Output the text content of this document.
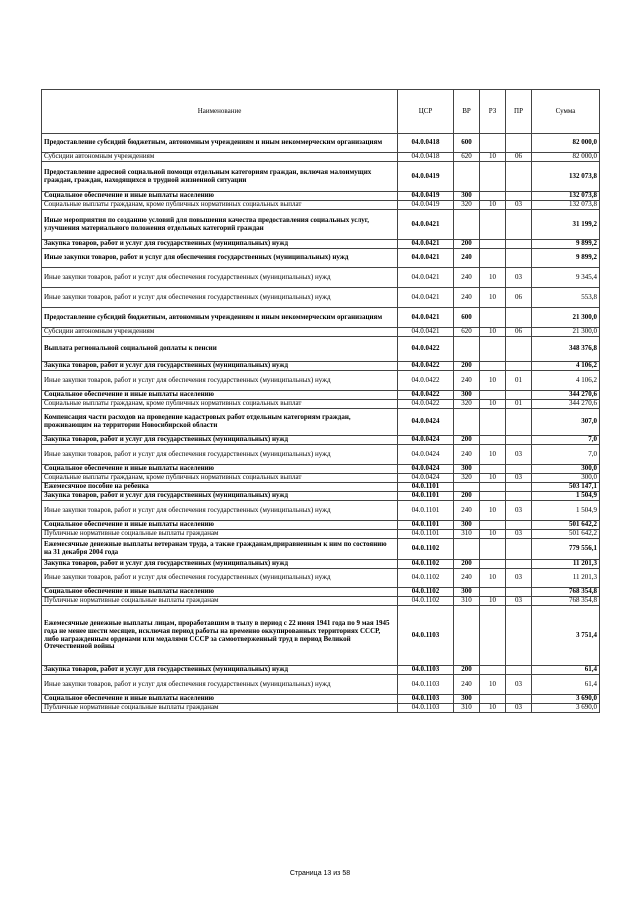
Наименование	ЦСР	ВР	РЗ	ПР	Сумма
Предоставление субсидий бюджетным, автономным учреждениям и иным некоммерческим организациям	04.0.0418	600			82 000,0
Субсидии автономным учреждениям	04.0.0418	620	10	06	82 000,0
Предоставление адресной социальной помощи отдельным категориям граждан, включая малоимущих граждан, граждан, находящихся в трудной жизненной ситуации	04.0.0419				132 073,8
Социальное обеспечение и иные выплаты населению	04.0.0419	300			132 073,8
Социальные выплаты гражданам, кроме публичных нормативных социальных выплат	04.0.0419	320	10	03	132 073,8
Иные мероприятия по созданию условий для повышения качества предоставления социальных услуг, улучшения материального положения отдельных категорий граждан	04.0.0421				31 199,2
Закупка товаров, работ и услуг для государственных (муниципальных) нужд	04.0.0421	200			9 899,2
Иные закупки товаров, работ и услуг для обеспечения государственных (муниципальных) нужд	04.0.0421	240			9 899,2
Иные закупки товаров, работ и услуг для обеспечения государственных (муниципальных) нужд	04.0.0421	240	10	03	9 345,4
Иные закупки товаров, работ и услуг для обеспечения государственных (муниципальных) нужд	04.0.0421	240	10	06	553,8
Предоставление субсидий бюджетным, автономным учреждениям и иным некоммерческим организациям	04.0.0421	600			21 300,0
Субсидии автономным учреждениям	04.0.0421	620	10	06	21 300,0
Выплата региональной социальной доплаты к пенсии	04.0.0422				348 376,8
Закупка товаров, работ и услуг для государственных (муниципальных) нужд	04.0.0422	200			4 106,2
Иные закупки товаров, работ и услуг для обеспечения государственных (муниципальных) нужд	04.0.0422	240	10	01	4 106,2
Социальное обеспечение и иные выплаты населению	04.0.0422	300			344 270,6
Социальные выплаты гражданам, кроме публичных нормативных социальных выплат	04.0.0422	320	10	01	344 270,6
Компенсация части расходов на проведение кадастровых работ отдельным категориям граждан, проживающим на территории Новосибирской области	04.0.0424				307,0
Закупка товаров, работ и услуг для государственных (муниципальных) нужд	04.0.0424	200			7,0
Иные закупки товаров, работ и услуг для обеспечения государственных (муниципальных) нужд	04.0.0424	240	10	03	7,0
Социальное обеспечение и иные выплаты населению	04.0.0424	300			300,0
Социальные выплаты гражданам, кроме публичных нормативных социальных выплат	04.0.0424	320	10	03	300,0
Ежемесячное пособие на ребенка	04.0.1101				503 147,1
Закупка товаров, работ и услуг для государственных (муниципальных) нужд	04.0.1101	200			1 504,9
Иные закупки товаров, работ и услуг для обеспечения государственных (муниципальных) нужд	04.0.1101	240	10	03	1 504,9
Социальное обеспечение и иные выплаты населению	04.0.1101	300			501 642,2
Публичные нормативные социальные выплаты гражданам	04.0.1101	310	10	03	501 642,2
Ежемесячные денежные выплаты ветеранам труда, а также гражданам,приравненным к ним по состоянию на 31 декабря 2004 года	04.0.1102				779 556,1
Закупка товаров, работ и услуг для государственных (муниципальных) нужд	04.0.1102	200			11 201,3
Иные закупки товаров, работ и услуг для обеспечения государственных (муниципальных) нужд	04.0.1102	240	10	03	11 201,3
Социальное обеспечение и иные выплаты населению	04.0.1102	300			768 354,8
Публичные нормативные социальные выплаты гражданам	04.0.1102	310	10	03	768 354,8
Ежемесячные денежные выплаты лицам, проработавшим в тылу в период с 22 июня 1941 года по 9 мая 1945 года не менее шести месяцев, исключая период работы на временно оккупированных территориях СССР, либо награжденным орденами или медалями СССР за самоотверженный труд в период Великой Отечественной войны	04.0.1103				3 751,4
Закупка товаров, работ и услуг для государственных (муниципальных) нужд	04.0.1103	200			61,4
Иные закупки товаров, работ и услуг для обеспечения государственных (муниципальных) нужд	04.0.1103	240	10	03	61,4
Социальное обеспечение и иные выплаты населению	04.0.1103	300			3 690,0
Публичные нормативные социальные выплаты гражданам	04.0.1103	310	10	03	3 690,0
Страница 13 из 58
